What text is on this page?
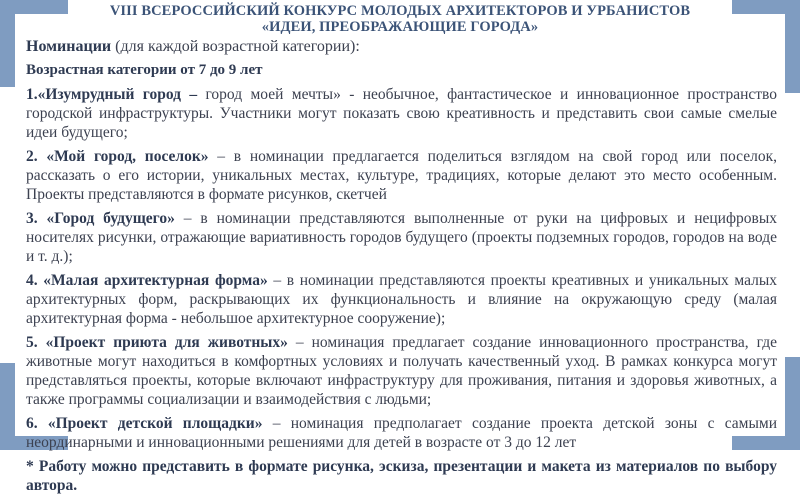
VIII ВСЕРОССИЙСКИЙ КОНКУРС МОЛОДЫХ АРХИТЕКТОРОВ И УРБАНИСТОВ
«ИДЕИ, ПРЕОБРАЖАЮЩИЕ ГОРОДА»

Номинации (для каждой возрастной категории):

Возрастная категории от 7 до 9 лет

1.«Изумрудный город – город моей мечты» - необычное, фантастическое и инновационное пространство городской инфраструктуры. Участники могут показать свою креативность и представить свои самые смелые идеи будущего;

2. «Мой город, поселок» – в номинации предлагается поделиться взглядом на свой город или поселок, рассказать о его истории, уникальных местах, культуре, традициях, которые делают это место особенным. Проекты представляются в формате рисунков, скетчей

3. «Город будущего» – в номинации представляются выполненные от руки на цифровых и нецифровых носителях рисунки, отражающие вариативность городов будущего (проекты подземных городов, городов на воде и т. д.);

4. «Малая архитектурная форма» – в номинации представляются проекты креативных и уникальных малых архитектурных форм, раскрывающих их функциональность и влияние на окружающую среду (малая архитектурная форма - небольшое архитектурное сооружение);

5. «Проект приюта для животных» – номинация предлагает создание инновационного пространства, где животные могут находиться в комфортных условиях и получать качественный уход. В рамках конкурса могут представляться проекты, которые включают инфраструктуру для проживания, питания и здоровья животных, а также программы социализации и взаимодействия с людьми;

6. «Проект детской площадки» – номинация предполагает создание проекта детской зоны с самыми неординарными и инновационными решениями для детей в возрасте от 3 до 12 лет

* Работу можно представить в формате рисунка, эскиза, презентации и макета из материалов по выбору автора.
